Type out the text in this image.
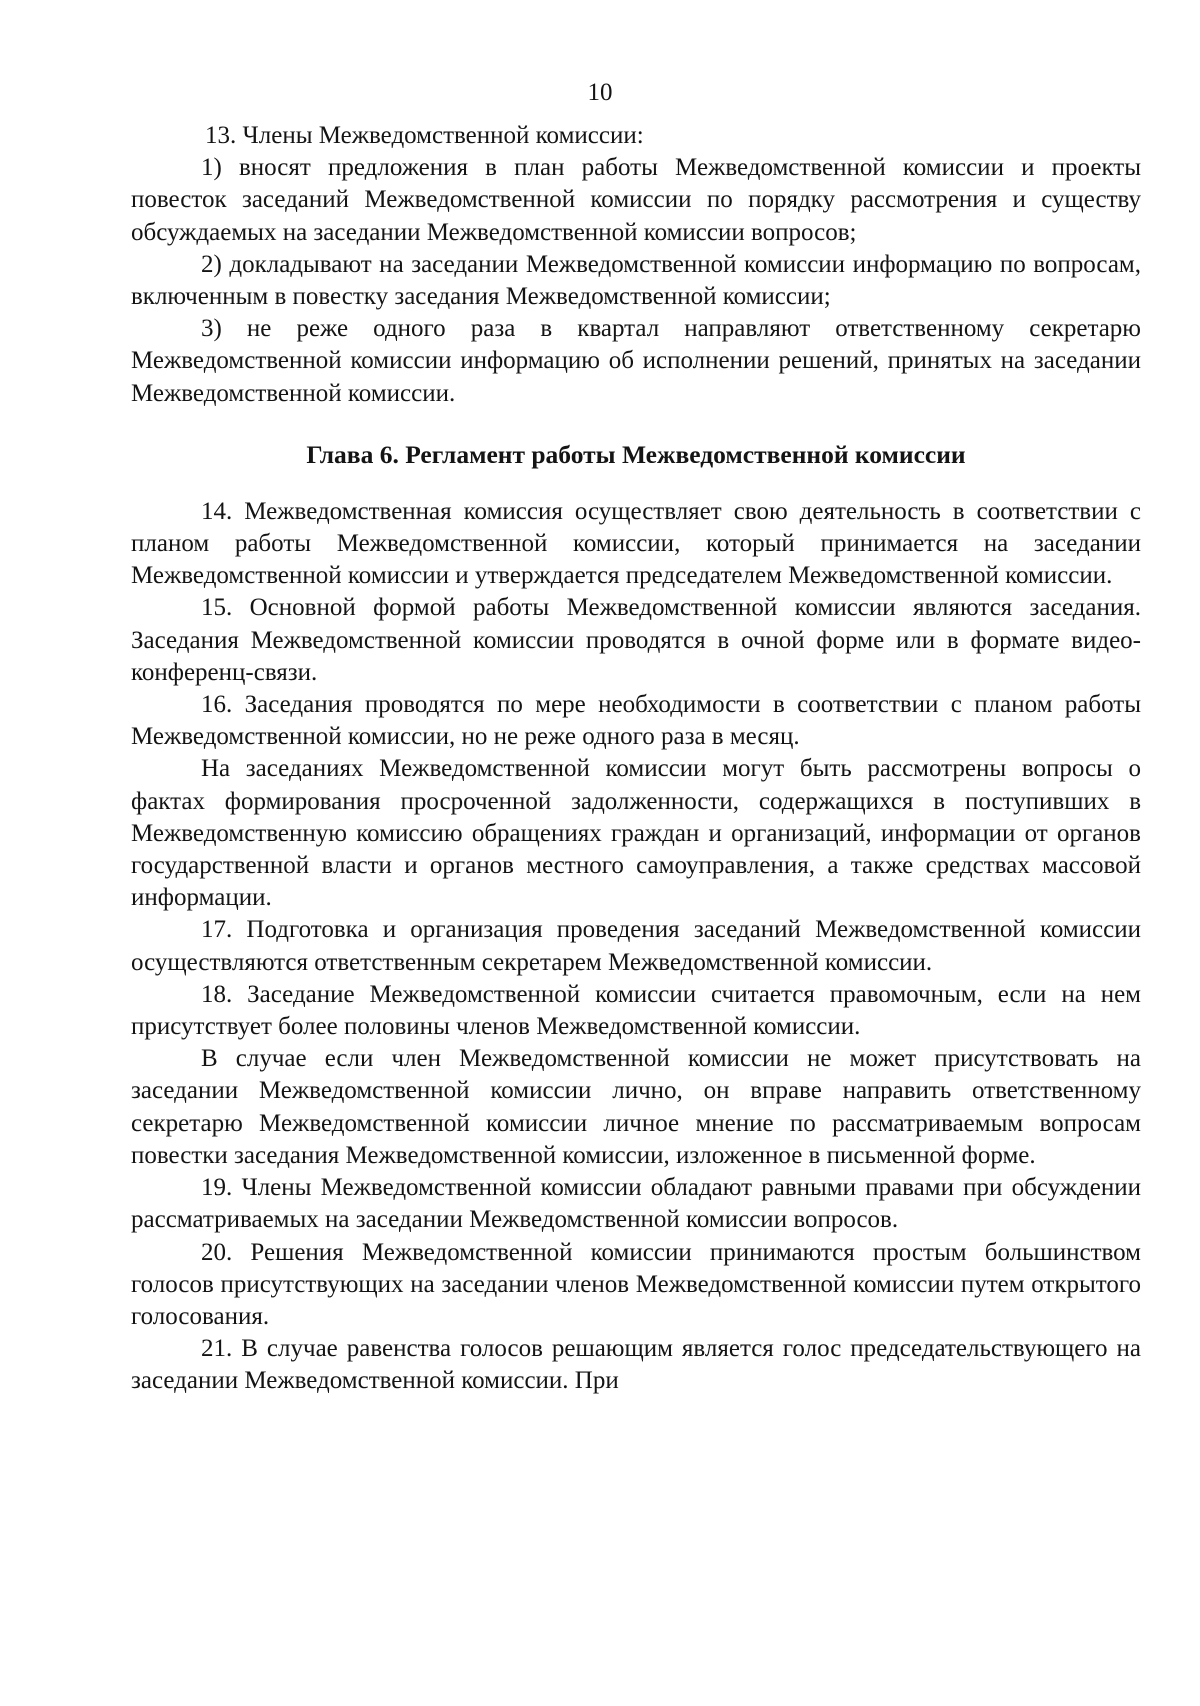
10

13. Члены Межведомственной комиссии:

1) вносят предложения в план работы Межведомственной комиссии и проекты повесток заседаний Межведомственной комиссии по порядку рассмотрения и существу обсуждаемых на заседании Межведомственной комиссии вопросов;

2) докладывают на заседании Межведомственной комиссии информацию по вопросам, включенным в повестку заседания Межведомственной комиссии;

3) не реже одного раза в квартал направляют ответственному секретарю Межведомственной комиссии информацию об исполнении решений, принятых на заседании Межведомственной комиссии.

Глава 6. Регламент работы Межведомственной комиссии

14. Межведомственная комиссия осуществляет свою деятельность в соответствии с планом работы Межведомственной комиссии, который принимается на заседании Межведомственной комиссии и утверждается председателем Межведомственной комиссии.

15. Основной формой работы Межведомственной комиссии являются заседания. Заседания Межведомственной комиссии проводятся в очной форме или в формате видео-конференц-связи.

16. Заседания проводятся по мере необходимости в соответствии с планом работы Межведомственной комиссии, но не реже одного раза в месяц.

На заседаниях Межведомственной комиссии могут быть рассмотрены вопросы о фактах формирования просроченной задолженности, содержащихся в поступивших в Межведомственную комиссию обращениях граждан и организаций, информации от органов государственной власти и органов местного самоуправления, а также средствах массовой информации.

17. Подготовка и организация проведения заседаний Межведомственной комиссии осуществляются ответственным секретарем Межведомственной комиссии.

18. Заседание Межведомственной комиссии считается правомочным, если на нем присутствует более половины членов Межведомственной комиссии.

В случае если член Межведомственной комиссии не может присутствовать на заседании Межведомственной комиссии лично, он вправе направить ответственному секретарю Межведомственной комиссии личное мнение по рассматриваемым вопросам повестки заседания Межведомственной комиссии, изложенное в письменной форме.

19. Члены Межведомственной комиссии обладают равными правами при обсуждении рассматриваемых на заседании Межведомственной комиссии вопросов.

20. Решения Межведомственной комиссии принимаются простым большинством голосов присутствующих на заседании членов Межведомственной комиссии путем открытого голосования.

21. В случае равенства голосов решающим является голос председательствующего на заседании Межведомственной комиссии. При
